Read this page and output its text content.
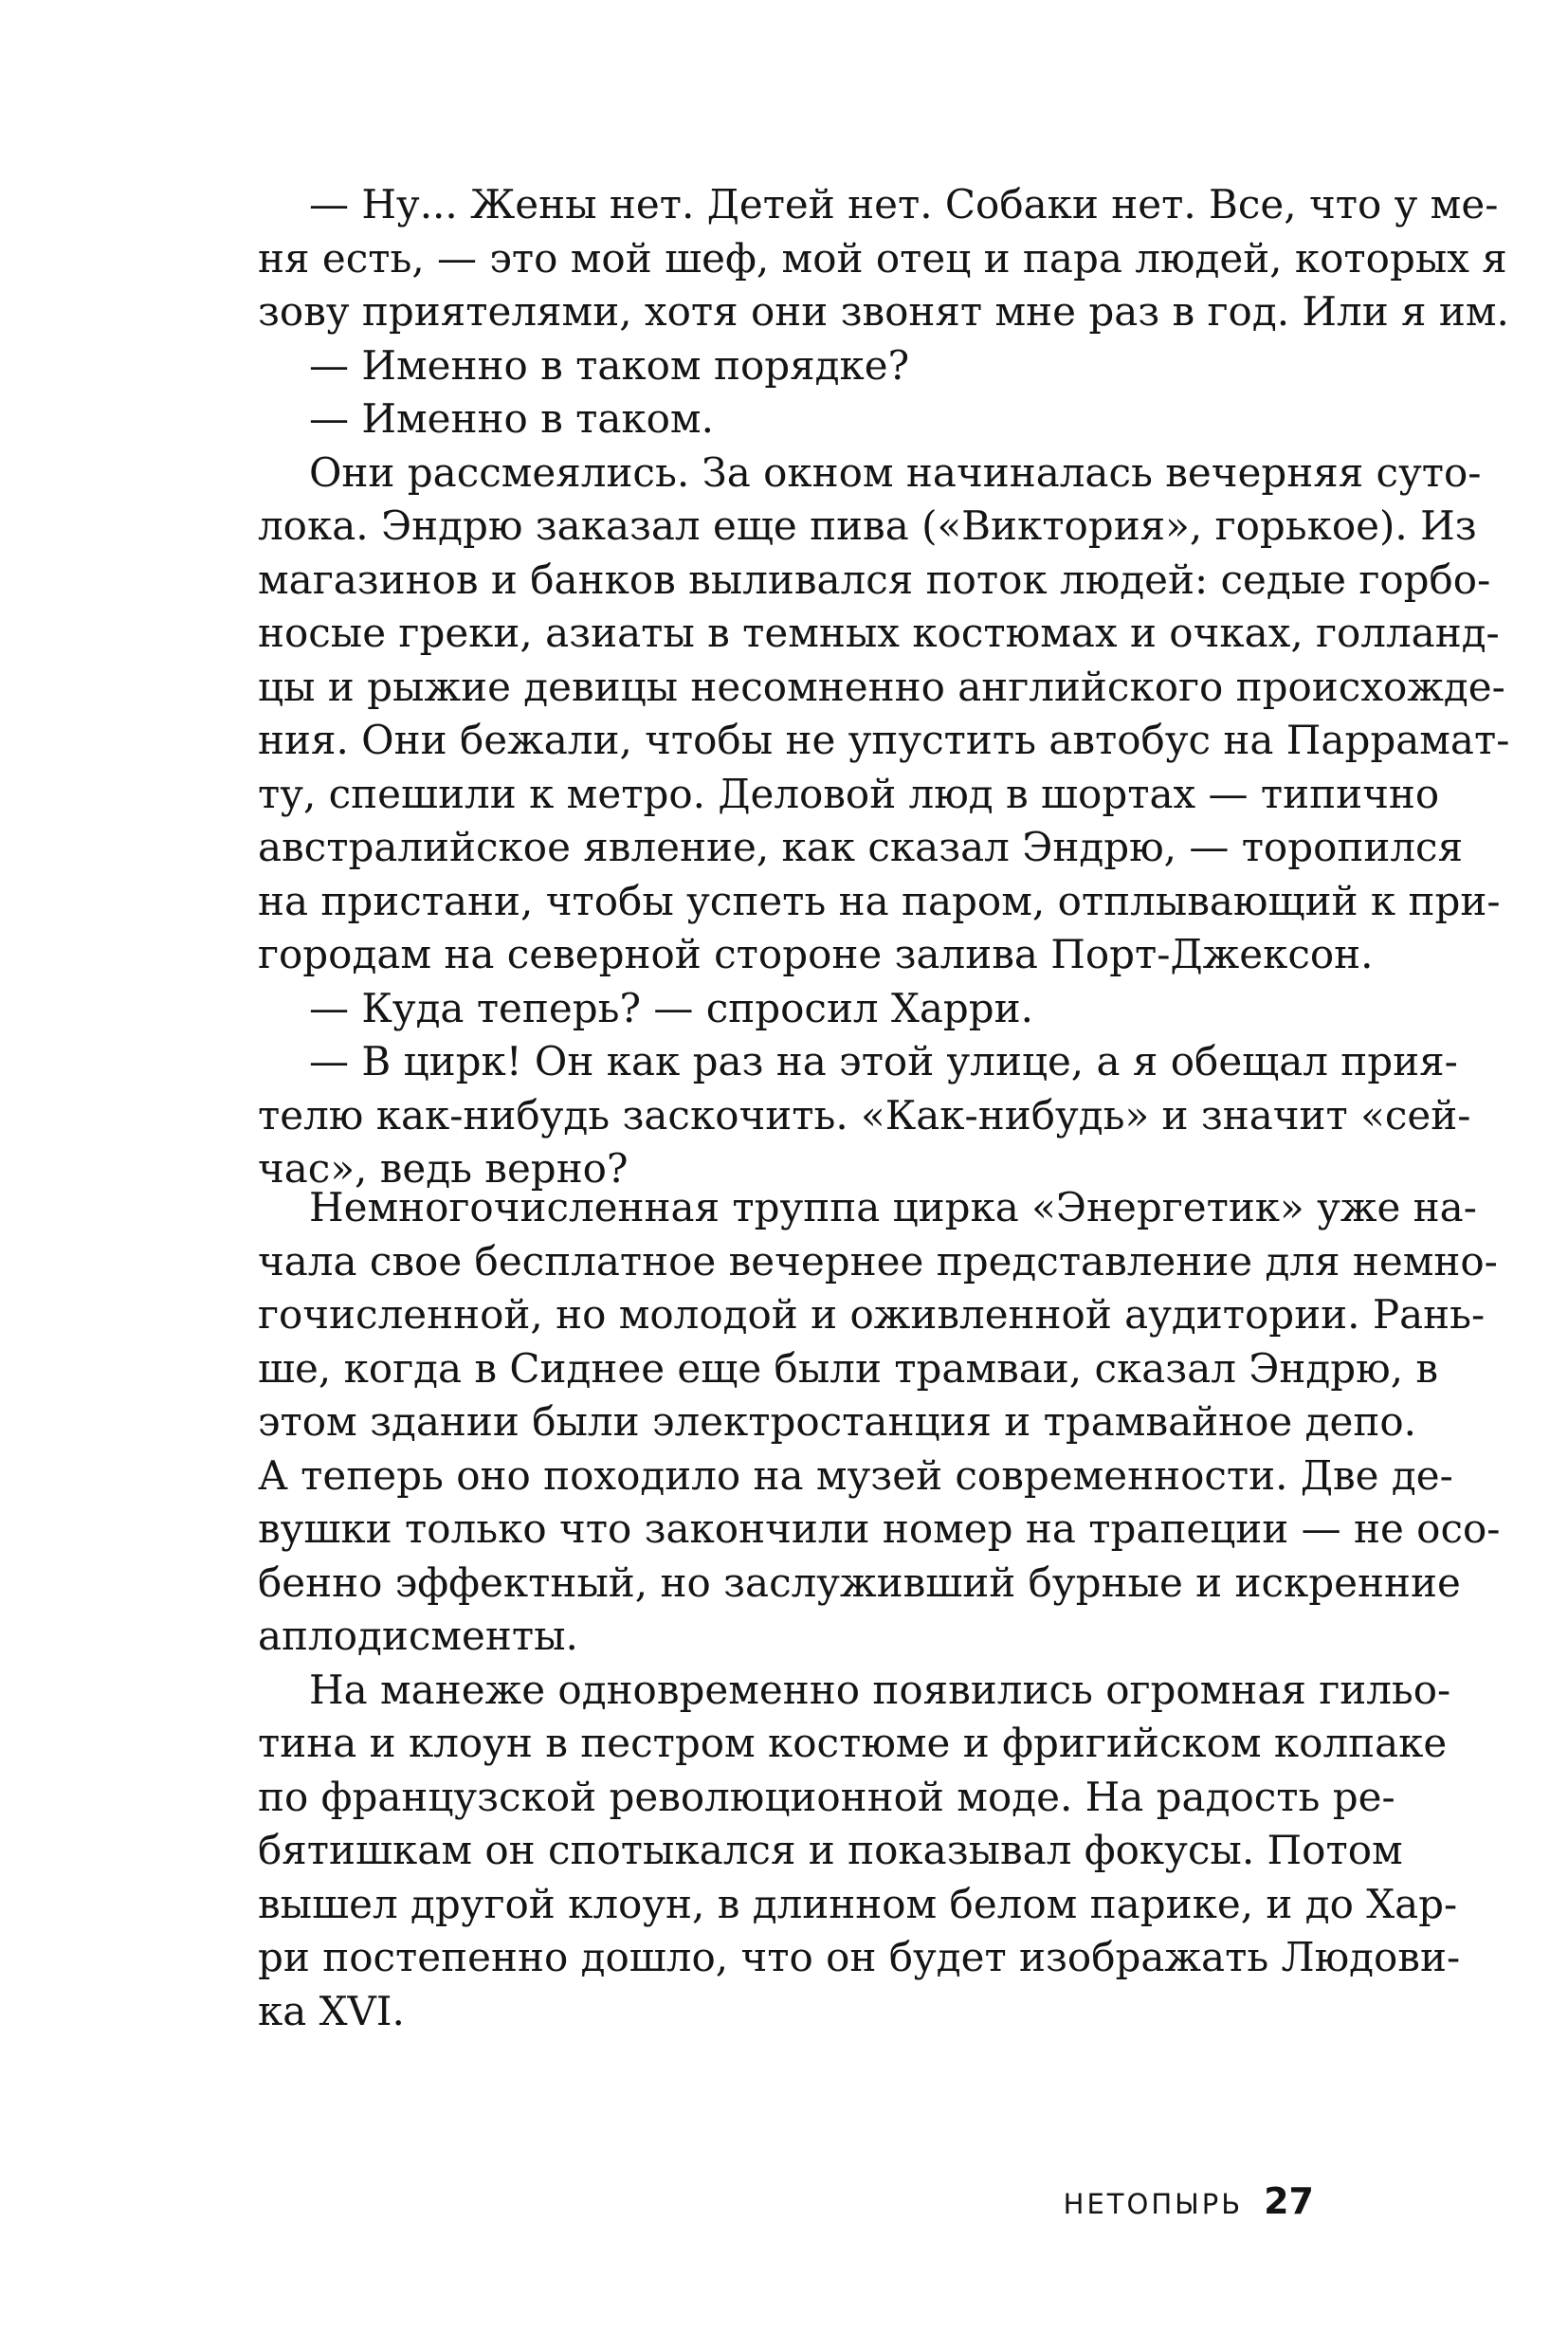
— Ну... Жены нет. Детей нет. Собаки нет. Все, что у ме-
ня есть, — это мой шеф, мой отец и пара людей, которых я
зову приятелями, хотя они звонят мне раз в год. Или я им.
— Именно в таком порядке?
— Именно в таком.
Они рассмеялись. За окном начиналась вечерняя суто-
лока. Эндрю заказал еще пива («Виктория», горькое). Из
магазинов и банков выливался поток людей: седые горбо-
носые греки, азиаты в темных костюмах и очках, голланд-
цы и рыжие девицы несомненно английского происхожде-
ния. Они бежали, чтобы не упустить автобус на Паррамат-
ту, спешили к метро. Деловой люд в шортах — типично
австралийское явление, как сказал Эндрю, — торопился
на пристани, чтобы успеть на паром, отплывающий к при-
городам на северной стороне залива Порт-Джексон.
— Куда теперь? — спросил Харри.
— В цирк! Он как раз на этой улице, а я обещал прия-
телю как-нибудь заскочить. «Как-нибудь» и значит «сей-
час», ведь верно?
Немногочисленная труппа цирка «Энергетик» уже на-
чала свое бесплатное вечернее представление для немно-
гочисленной, но молодой и оживленной аудитории. Рань-
ше, когда в Сиднее еще были трамваи, сказал Эндрю, в
этом здании были электростанция и трамвайное депо.
А теперь оно походило на музей современности. Две де-
вушки только что закончили номер на трапеции — не осо-
бенно эффектный, но заслуживший бурные и искренние
аплодисменты.
На манеже одновременно появились огромная гильо-
тина и клоун в пестром костюме и фригийском колпаке
по французской революционной моде. На радость ре-
бятишкам он спотыкался и показывал фокусы. Потом
вышел другой клоун, в длинном белом парике, и до Хар-
ри постепенно дошло, что он будет изображать Людови-
ка XVI.
НЕТОПЫРЬ 27
